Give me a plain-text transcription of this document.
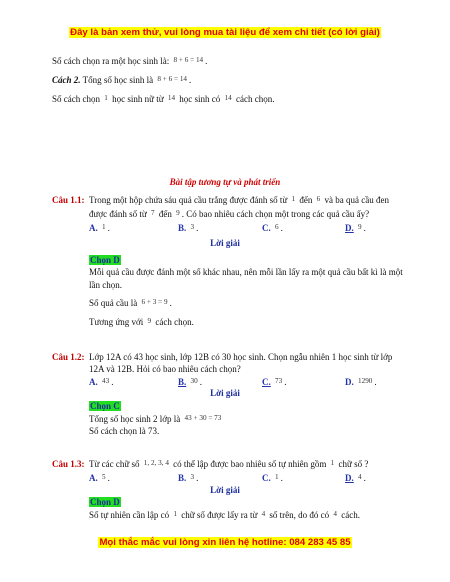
Đây là bản xem thử, vui lòng mua tài liệu để xem chi tiết (có lời giải)
Số cách chọn ra một học sinh là: $^{8 + 6 = 14}$ .
Cách 2. Tổng số học sinh là $^{8 + 6 = 14}$ .
Số cách chọn $^1$ học sinh nữ từ $^{14}$ học sinh có $^{14}$ cách chọn.
Bài tập tương tự và phát triển
Câu 1.1: Trong một hộp chứa sáu quả cầu trắng được đánh số từ $^1$ đến $^6$ và ba quả cầu đen
được đánh số từ $^7$ đến $^9$ . Có bao nhiêu cách chọn một trong các quả cầu ấy?
A. $^1$ .	B. $^3$ .	C. $^6$ .	D. $^9$ .
Lời giải
Chọn D
Mỗi quả cầu được đánh một số khác nhau, nên mỗi lần lấy ra một quả cầu bất kì là một
lần chọn.
Số quả cầu là $^{6 + 3 = 9}$ .
Tương ứng với $^9$ cách chọn.
Câu 1.2: Lớp 12A có 43 học sinh, lớp 12B có 30 học sinh. Chọn ngẫu nhiên 1 học sinh từ lớp
12A và 12B. Hỏi có bao nhiêu cách chọn?
A. $^{43}$ .	B. $^{30}$ .	C. $^{73}$ .	D. $^{1290}$ .
Lời giải
Chọn C
Tổng số học sinh 2 lớp là $^{43 + 30 = 73}$
Số cách chọn là 73.
Câu 1.3: Từ các chữ số $^{1, 2, 3, 4}$ có thể lập được bao nhiêu số tự nhiên gồm $^1$ chữ số ?
A. $^5$ .	B. $^3$ .	C. $^1$ .	D. $^4$ .
Lời giải
Chọn D
Số tự nhiên cần lập có $^1$ chữ số được lấy ra từ $^4$ số trên, do đó có $^4$ cách.
Mọi thắc mắc vui lòng xin liên hệ hotline: 084 283 45 85
